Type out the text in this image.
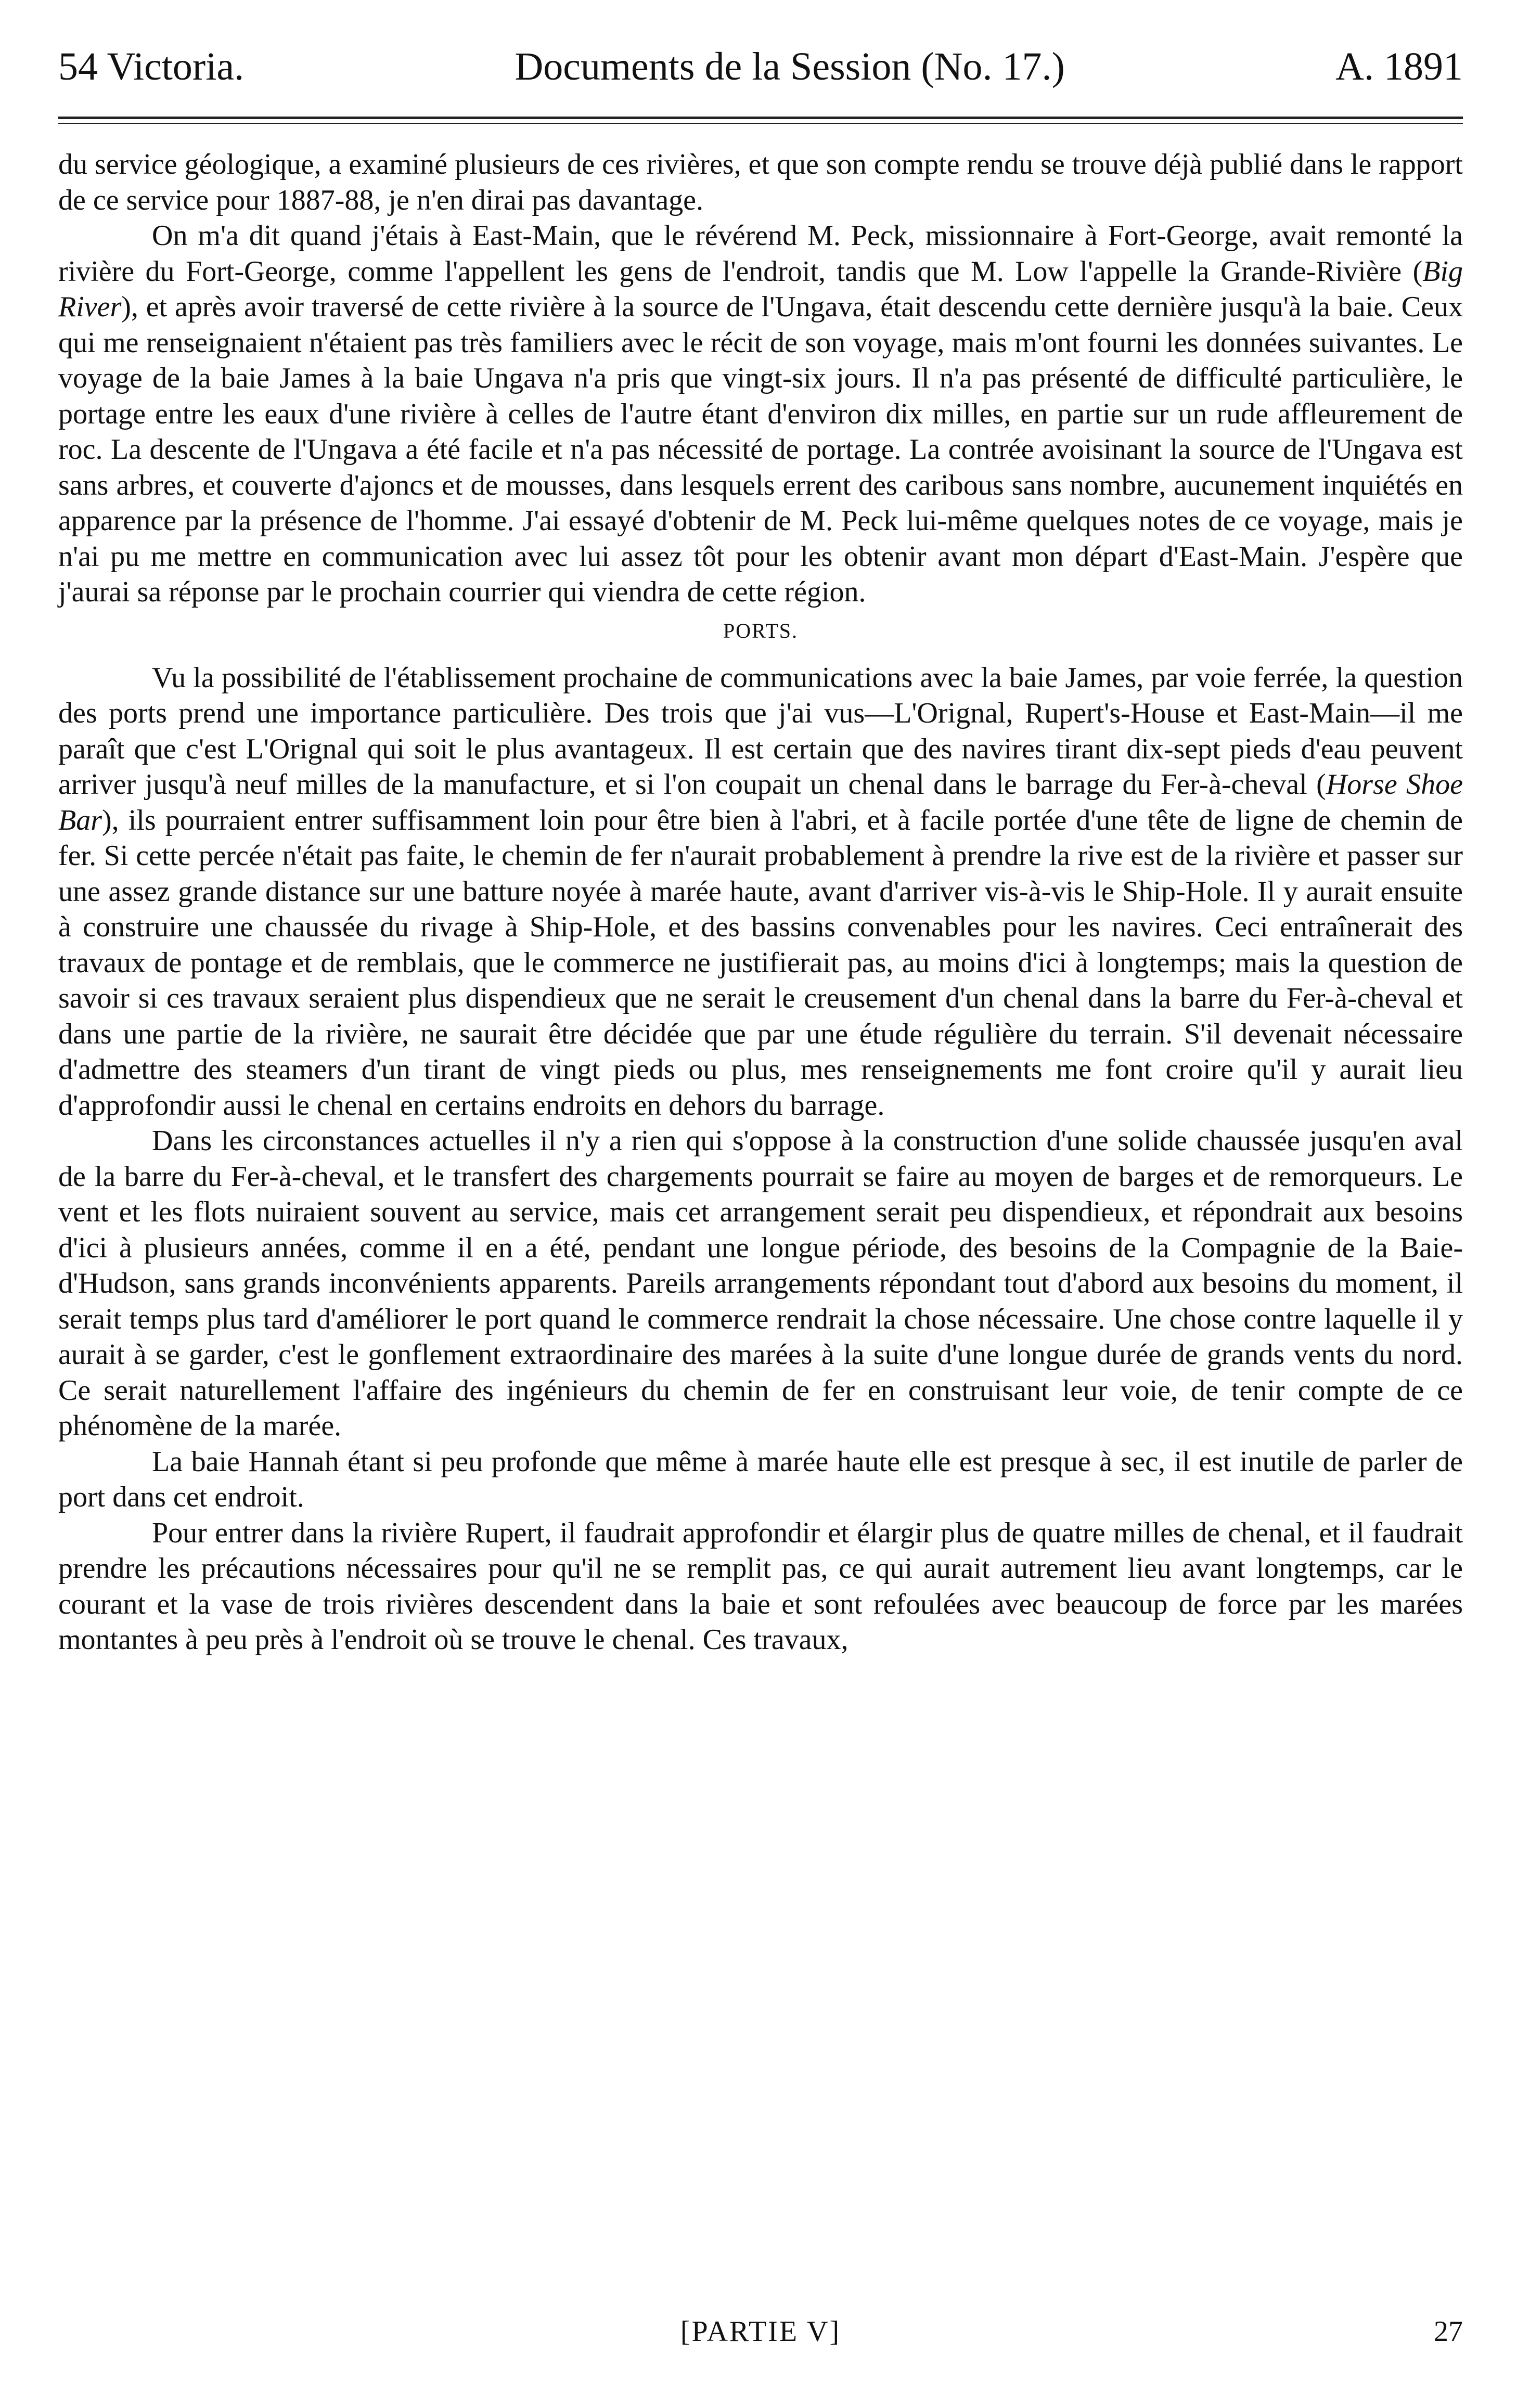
54 Victoria.	Documents de la Session (No. 17.)	A. 1891

du service géologique, a examiné plusieurs de ces rivières, et que son compte rendu se trouve déjà publié dans le rapport de ce service pour 1887-88, je n'en dirai pas davantage.

On m'a dit quand j'étais à East-Main, que le révérend M. Peck, missionnaire à Fort-George, avait remonté la rivière du Fort-George, comme l'appellent les gens de l'endroit, tandis que M. Low l'appelle la Grande-Rivière (Big River), et après avoir traversé de cette rivière à la source de l'Ungava, était descendu cette dernière jusqu'à la baie. Ceux qui me renseignaient n'étaient pas très familiers avec le récit de son voyage, mais m'ont fourni les données suivantes. Le voyage de la baie James à la baie Ungava n'a pris que vingt-six jours. Il n'a pas présenté de difficulté particulière, le portage entre les eaux d'une rivière à celles de l'autre étant d'environ dix milles, en partie sur un rude affleurement de roc. La descente de l'Ungava a été facile et n'a pas nécessité de portage. La contrée avoisinant la source de l'Ungava est sans arbres, et couverte d'ajoncs et de mousses, dans lesquels errent des caribous sans nombre, aucunement inquiétés en apparence par la présence de l'homme. J'ai essayé d'obtenir de M. Peck lui-même quelques notes de ce voyage, mais je n'ai pu me mettre en communication avec lui assez tôt pour les obtenir avant mon départ d'East-Main. J'espère que j'aurai sa réponse par le prochain courrier qui viendra de cette région.

PORTS.

Vu la possibilité de l'établissement prochaine de communications avec la baie James, par voie ferrée, la question des ports prend une importance particulière. Des trois que j'ai vus—L'Orignal, Rupert's-House et East-Main—il me paraît que c'est L'Orignal qui soit le plus avantageux. Il est certain que des navires tirant dix-sept pieds d'eau peuvent arriver jusqu'à neuf milles de la manufacture, et si l'on coupait un chenal dans le barrage du Fer-à-cheval (Horse Shoe Bar), ils pourraient entrer suffisamment loin pour être bien à l'abri, et à facile portée d'une tête de ligne de chemin de fer. Si cette percée n'était pas faite, le chemin de fer n'aurait probablement à prendre la rive est de la rivière et passer sur une assez grande distance sur une batture noyée à marée haute, avant d'arriver vis-à-vis le Ship-Hole. Il y aurait ensuite à construire une chaussée du rivage à Ship-Hole, et des bassins convenables pour les navires. Ceci entraînerait des travaux de pontage et de remblais, que le commerce ne justifierait pas, au moins d'ici à longtemps; mais la question de savoir si ces travaux seraient plus dispendieux que ne serait le creusement d'un chenal dans la barre du Fer-à-cheval et dans une partie de la rivière, ne saurait être décidée que par une étude régulière du terrain. S'il devenait nécessaire d'admettre des steamers d'un tirant de vingt pieds ou plus, mes renseignements me font croire qu'il y aurait lieu d'approfondir aussi le chenal en certains endroits en dehors du barrage.

Dans les circonstances actuelles il n'y a rien qui s'oppose à la construction d'une solide chaussée jusqu'en aval de la barre du Fer-à-cheval, et le transfert des chargements pourrait se faire au moyen de barges et de remorqueurs. Le vent et les flots nuiraient souvent au service, mais cet arrangement serait peu dispendieux, et répondrait aux besoins d'ici à plusieurs années, comme il en a été, pendant une longue période, des besoins de la Compagnie de la Baie-d'Hudson, sans grands inconvénients apparents. Pareils arrangements répondant tout d'abord aux besoins du moment, il serait temps plus tard d'améliorer le port quand le commerce rendrait la chose nécessaire. Une chose contre laquelle il y aurait à se garder, c'est le gonflement extraordinaire des marées à la suite d'une longue durée de grands vents du nord. Ce serait naturellement l'affaire des ingénieurs du chemin de fer en construisant leur voie, de tenir compte de ce phénomène de la marée.

La baie Hannah étant si peu profonde que même à marée haute elle est presque à sec, il est inutile de parler de port dans cet endroit.

Pour entrer dans la rivière Rupert, il faudrait approfondir et élargir plus de quatre milles de chenal, et il faudrait prendre les précautions nécessaires pour qu'il ne se remplit pas, ce qui aurait autrement lieu avant longtemps, car le courant et la vase de trois rivières descendent dans la baie et sont refoulées avec beaucoup de force par les marées montantes à peu près à l'endroit où se trouve le chenal. Ces travaux,

[PARTIE V]	27
